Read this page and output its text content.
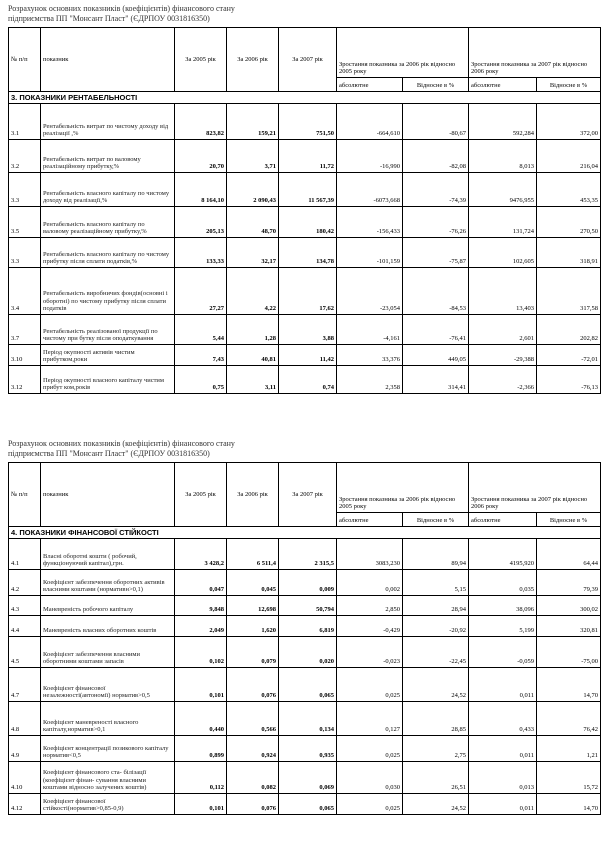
Розрахунок основних показників (коефіцієнтів) фінансового стану
підприємства ПП "Монсант Пласт" (ЄДРПОУ 0031816350)
№ п/п	показник	За 2005 рік	За 2006 рік	За 2007 рік	Зростання показника за 2006 рік відносно 2005 року		Зростання показника за 2007 рік відносно 2006 року	
					абсолютне	Відносне в %	абсолютне	Відносне в %
3. ПОКАЗНИКИ РЕНТАБЕЛЬНОСТІ								
3.1	Рентабельність витрат по чистому доходу від реалізації ,%	823,82	159,21	751,50	-664,610	-80,67	592,284	372,00
3.2	Рентабельність витрат по валовому реалізаційному прибутку,%	20,70	3,71	11,72	-16,990	-82,08	8,013	216,04
3.3	Рентабельність власного капіталу по чистому доходу від реалізації,%	8 164,10	2 090,43	11 567,39	-6073,668	-74,39	9476,955	453,35
3.5	Рентабельність власного капіталу по валовому реалізаційному прибутку,%	205,13	48,70	180,42	-156,433	-76,26	131,724	270,50
3.3	Рентабельність власного капіталу по чистому прибутку після сплати податків,%	133,33	32,17	134,78	-101,159	-75,87	102,605	318,91
3.4	Рентабельність виробничих фондів(основні і оборотні) по чистому прибутку після сплати податків	27,27	4,22	17,62	-23,054	-84,53	13,403	317,58
3.7	Рентабельність реалізованої продукції по чистому при бутку після оподаткування	5,44	1,28	3,88	-4,161	-76,41	2,601	202,82
3.10	Період окупності активів чистим прибутком,роки	7,43	40,81	11,42	33,376	449,05	-29,388	-72,01
3.12	Період окупності власного капіталу чистим прибут ком,років	0,75	3,11	0,74	2,358	314,41	-2,366	-76,13
Розрахунок основних показників (коефіцієнтів) фінансового стану
підприємства ПП "Монсант Пласт" (ЄДРПОУ 0031816350)
№ п/п	показник	За 2005 рік	За 2006 рік	За 2007 рік	Зростання показника за 2006 рік відносно 2005 року		Зростання показника за 2007 рік відносно 2006 року	
					абсолютне	Відносне в %	абсолютне	Відносне в %
4. ПОКАЗНИКИ ФІНАНСОВОЇ СТІЙКОСТІ								
4.1	Власні оборотні кошти ( робочий, функціонуючий капітал),грн.	3 428,2	6 511,4	2 315,5	3083,230	89,94	4195,920	64,44
4.2	Коефіцієнт забезпечення оборотних активів власними коштами (нормативн>0,1)	0,047	0,045	0,009	0,002	5,15	0,035	79,39
4.3	Маневреність робочого капіталу	9,848	12,698	50,794	2,850	28,94	38,096	300,02
4.4	Маневреність власних оборотних коштів	2,049	1,620	6,819	-0,429	-20,92	5,199	320,81
4.5	Коефіцієнт забезпечення власними оборотними коштами запасів	0,102	0,079	0,020	-0,023	-22,45	-0,059	-75,00
4.7	Коефіцієнт фінансової незалежності(автономії) норматив>0,5	0,101	0,076	0,065	0,025	24,52	0,011	14,70
4.8	Коефіцієнт маневреності власного капіталу,норматив>0,1	0,440	0,566	0,134	0,127	28,85	0,433	76,42
4.9	Коефіцієнт концентрації позикового капіталу норматив<0,5	0,899	0,924	0,935	0,025	2,75	0,011	1,21
4.10	Коефіцієнт фінансового ста- білізації (коефіцієнт фінан- сування власними коштами відносно залучених коштів)	0,112	0,082	0,069	0,030	26,51	0,013	15,72
4.12	Коефіцієнт фінансової стійкості(норматив>0,85-0,9)	0,101	0,076	0,065	0,025	24,52	0,011	14,70
